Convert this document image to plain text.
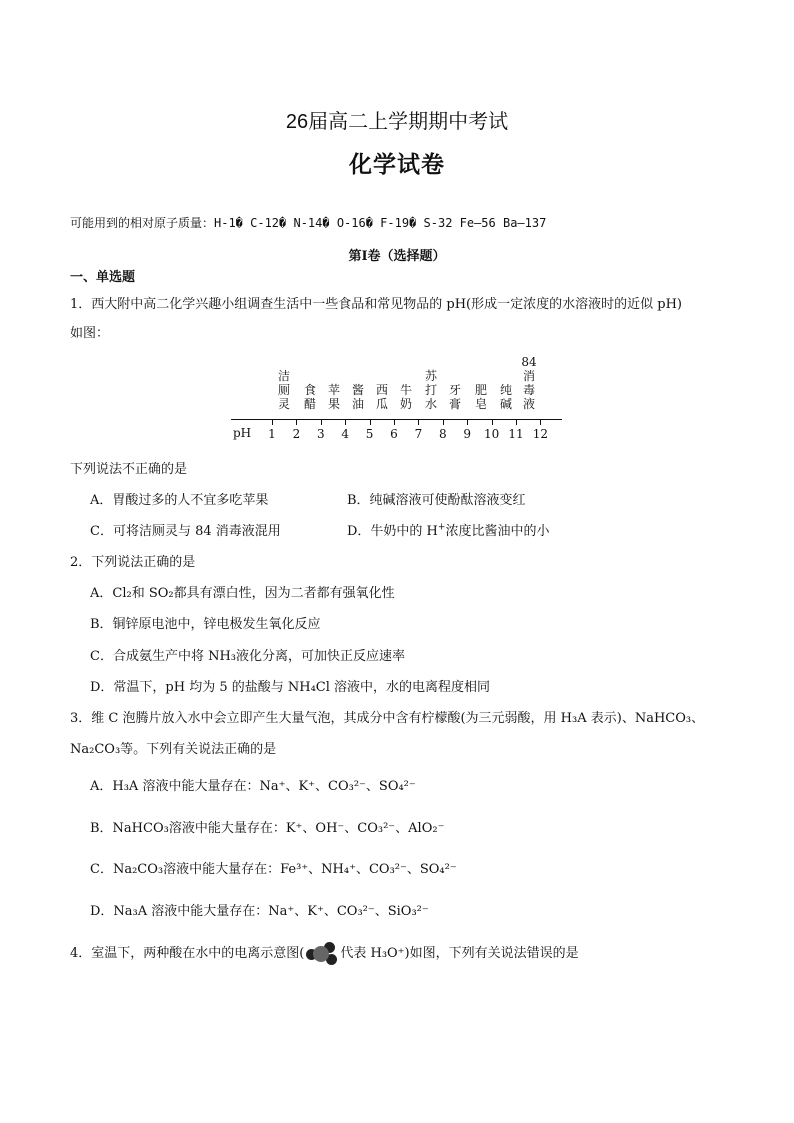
26届高二上学期期中考试
化学试卷
可能用到的相对原子质量：H-1� C-12� N-14� O-16� F-19� S-32 Fe—56 Ba—137
第Ⅰ卷（选择题）
一、单选题
1．西大附中高二化学兴趣小组调查生活中一些食品和常见物品的 pH(形成一定浓度的水溶液时的近似 pH)
如图：
洁厕灵
食醋
苹果
酱油
西瓜
牛奶
苏打水
牙膏
肥皂
纯碱
84
消毒液
1	2	3	4	5	6	7	8	9	10 11 12
pH
下列说法不正确的是
A．胃酸过多的人不宜多吃苹果	B．纯碱溶液可使酚酞溶液变红
C．可将洁厕灵与 84 消毒液混用	D．牛奶中的 H+浓度比酱油中的小
2．下列说法正确的是
A．Cl₂和 SO₂都具有漂白性，因为二者都有强氧化性
B．铜锌原电池中，锌电极发生氧化反应
C．合成氨生产中将 NH₃液化分离，可加快正反应速率
D．常温下，pH 均为 5 的盐酸与 NH₄Cl 溶液中，水的电离程度相同
3．维 C 泡腾片放入水中会立即产生大量气泡，其成分中含有柠檬酸(为三元弱酸，用 H₃A 表示)、NaHCO₃、
Na₂CO₃等。下列有关说法正确的是
A．H₃A 溶液中能大量存在：Na⁺、K⁺、CO₃²⁻、SO₄²⁻
B．NaHCO₃溶液中能大量存在：K⁺、OH⁻、CO₃²⁻、AlO₂⁻
C．Na₂CO₃溶液中能大量存在：Fe³⁺、NH₄⁺、CO₃²⁻、SO₄²⁻
D．Na₃A 溶液中能大量存在：Na⁺、K⁺、CO₃²⁻、SiO₃²⁻
4．室温下，两种酸在水中的电离示意图(	代表 H₃O⁺)如图，下列有关说法错误的是
